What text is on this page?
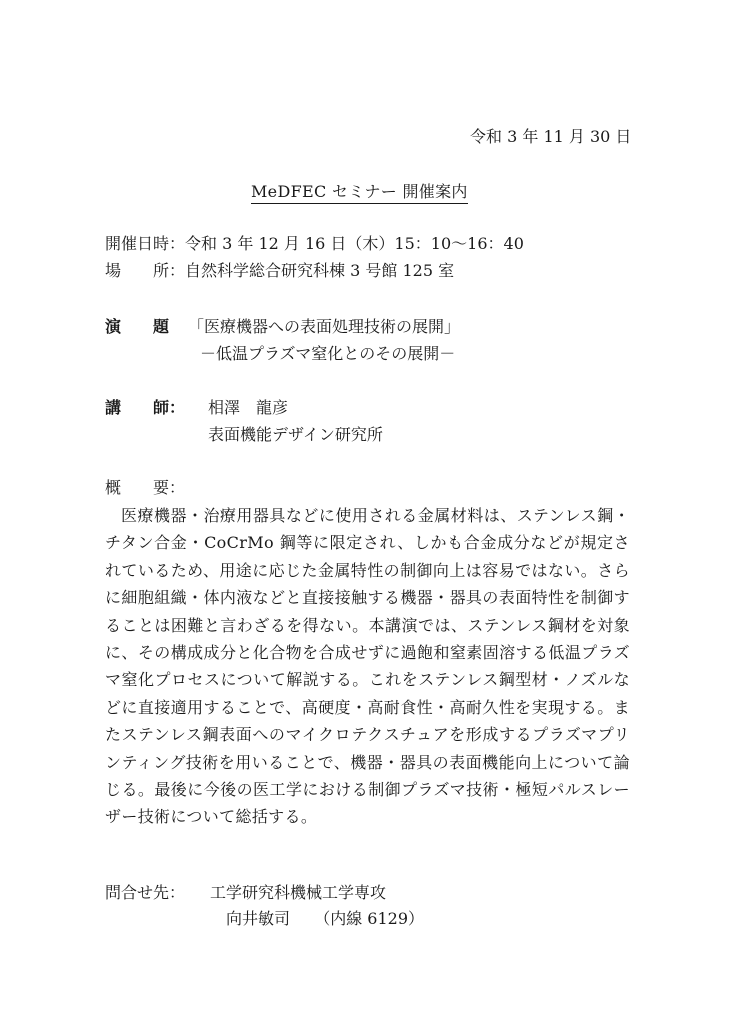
令和 3 年 11 月 30 日
MeDFEC セミナー 開催案内
開催日時：令和 3 年 12 月 16 日（木）15：10〜16：40
場　　所：自然科学総合研究科棟 3 号館 125 室
演　　題 「医療機器への表面処理技術の展開」
－低温プラズマ窒化とのその展開－
講　　師： 相澤　龍彦
表面機能デザイン研究所
概　　要：
医療機器・治療用器具などに使用される金属材料は、ステンレス鋼・チタン合金・CoCrMo 鋼等に限定され、しかも合金成分などが規定されているため、用途に応じた金属特性の制御向上は容易ではない。さらに細胞組織・体内液などと直接接触する機器・器具の表面特性を制御することは困難と言わざるを得ない。本講演では、ステンレス鋼材を対象に、その構成成分と化合物を合成せずに過飽和窒素固溶する低温プラズマ窒化プロセスについて解説する。これをステンレス鋼型材・ノズルなどに直接適用することで、高硬度・高耐食性・高耐久性を実現する。またステンレス鋼表面へのマイクロテクスチュアを形成するプラズマプリンティング技術を用いることで、機器・器具の表面機能向上について論じる。最後に今後の医工学における制御プラズマ技術・極短パルスレーザー技術について総括する。
問合せ先： 工学研究科機械工学専攻
向井敏司 （内線 6129）
